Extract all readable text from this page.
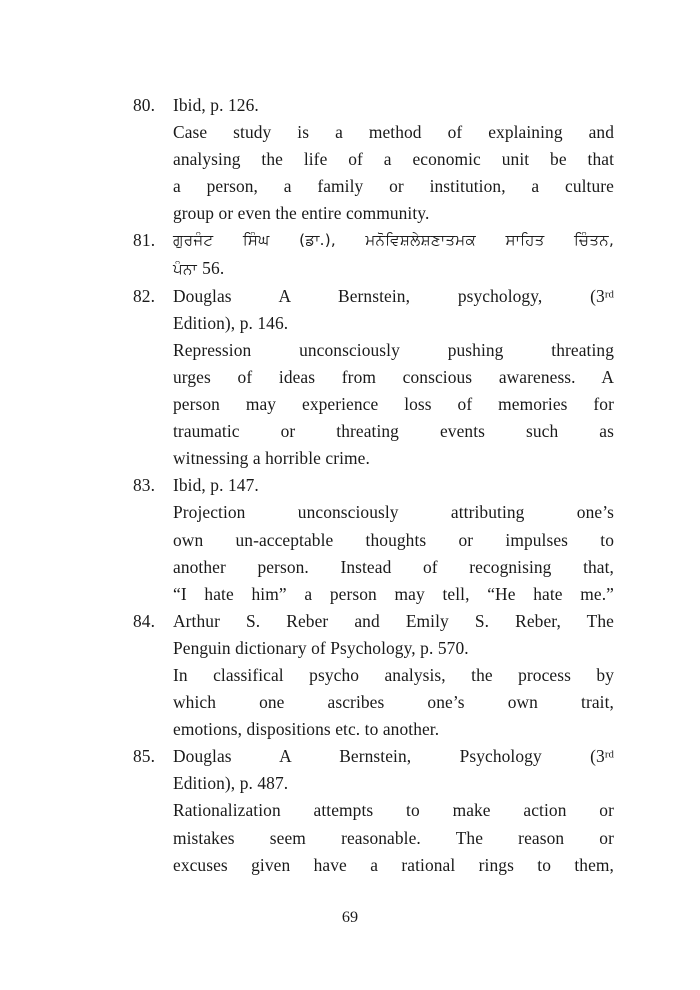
80.	Ibid, p. 126.
Case study is a method of explaining and
analysing the life of a economic unit be that
a person, a family or institution, a culture
group or even the entire community.
81.	ਗੁਰਜੰਟ ਸਿੰਘ (ਡਾ.), ਮਨੋਵਿਸ਼ਲੇਸ਼ਣਾਤਮਕ ਸਾਹਿਤ ਚਿੰਤਨ,
ਪੰਨਾ 56.
82.	Douglas A Bernstein, psychology, (3rd
Edition), p. 146.
Repression unconsciously pushing threating
urges of ideas from conscious awareness. A
person may experience loss of memories for
traumatic or threating events such as
witnessing a horrible crime.
83.	Ibid, p. 147.
Projection unconsciously attributing one’s
own un-acceptable thoughts or impulses to
another person. Instead of recognising that,
“I hate him” a person may tell, “He hate me.”
84.	Arthur S. Reber and Emily S. Reber, The
Penguin dictionary of Psychology, p. 570.
In classifical psycho analysis, the process by
which one ascribes one’s own trait,
emotions, dispositions etc. to another.
85.	Douglas A Bernstein, Psychology (3rd
Edition), p. 487.
Rationalization attempts to make action or
mistakes seem reasonable. The reason or
excuses given have a rational rings to them,
69
